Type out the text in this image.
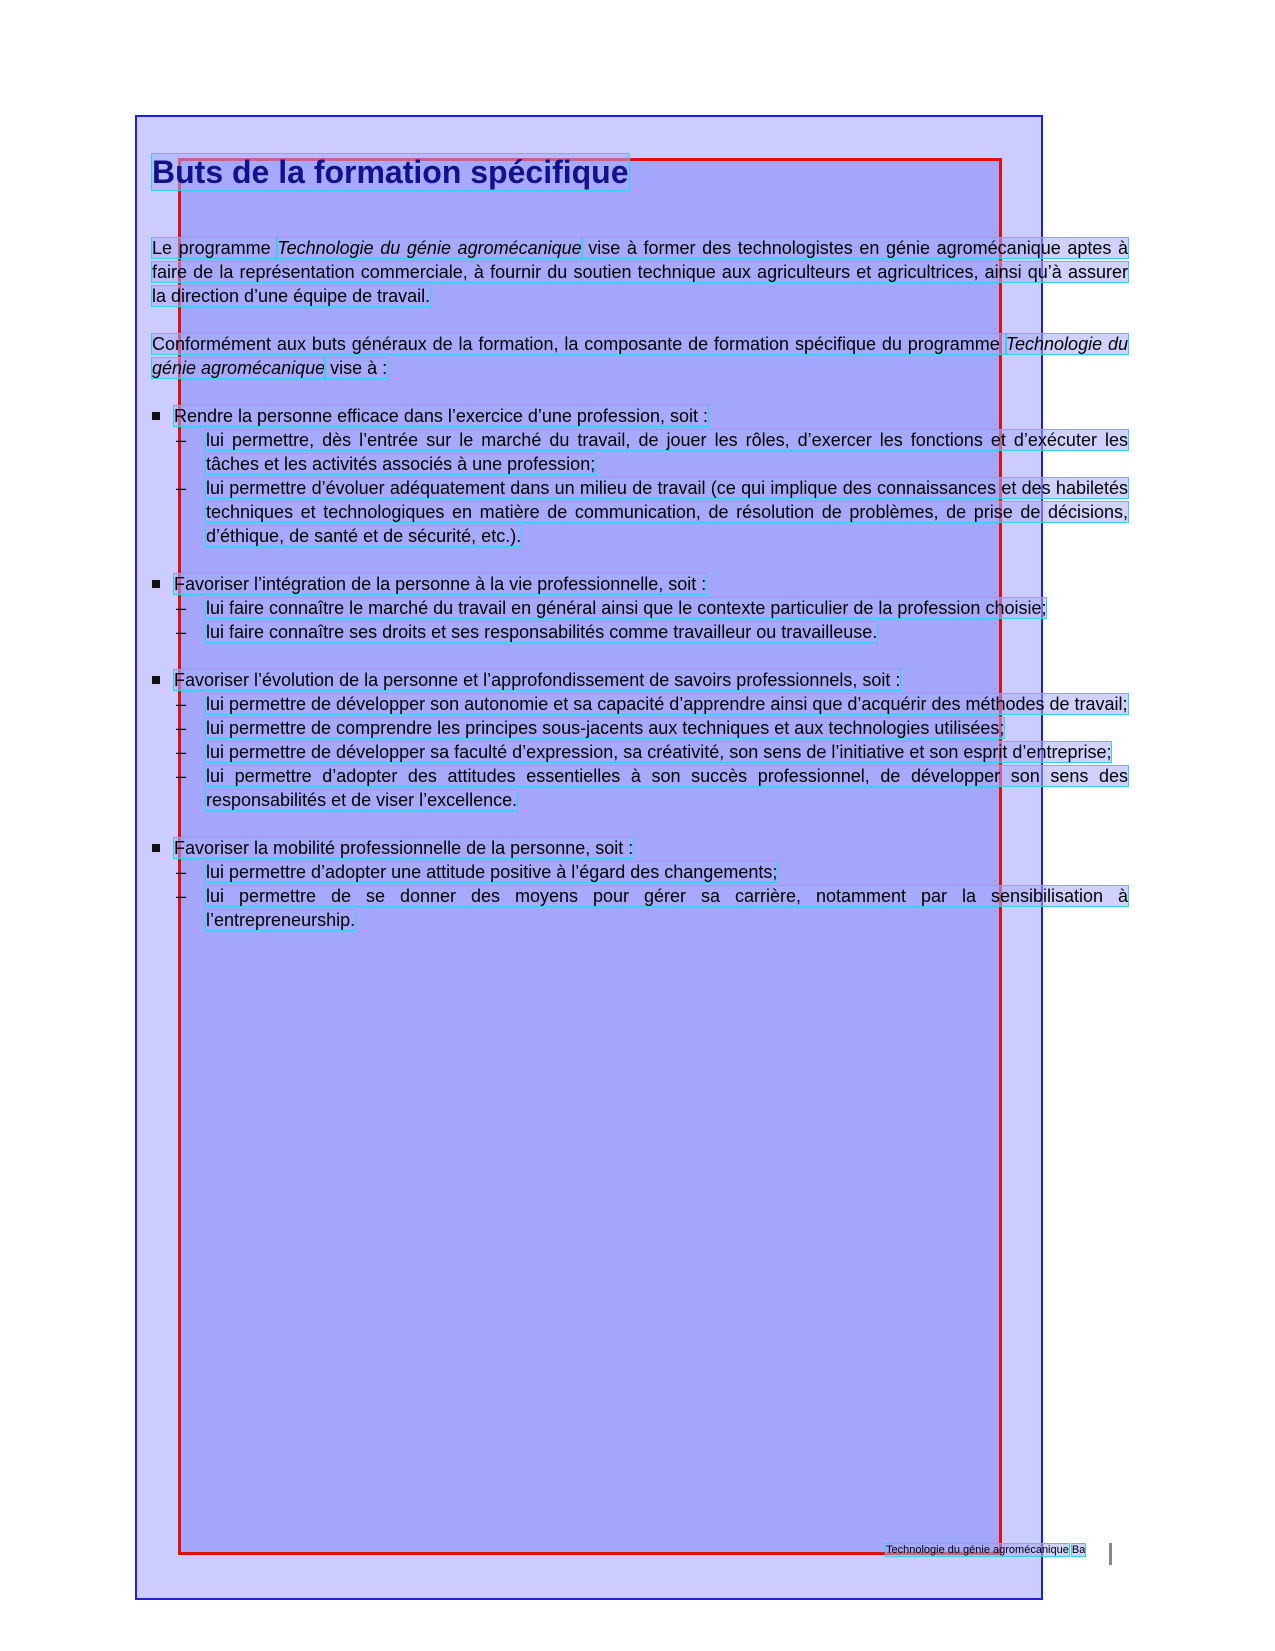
Buts de la formation spécifique

Le programme Technologie du génie agromécanique vise à former des technologistes en génie agromécanique aptes à faire de la représentation commerciale, à fournir du soutien technique aux agriculteurs et agricultrices, ainsi qu’à assurer la direction d’une équipe de travail.

Conformément aux buts généraux de la formation, la composante de formation spécifique du programme Technologie du génie agromécanique vise à :

Rendre la personne efficace dans l’exercice d’une profession, soit :
– lui permettre, dès l’entrée sur le marché du travail, de jouer les rôles, d’exercer les fonctions et d’exécuter les tâches et les activités associés à une profession;
– lui permettre d’évoluer adéquatement dans un milieu de travail (ce qui implique des connaissances et des habiletés techniques et technologiques en matière de communication, de résolution de problèmes, de prise de décisions, d’éthique, de santé et de sécurité, etc.).
Favoriser l’intégration de la personne à la vie professionnelle, soit :
– lui faire connaître le marché du travail en général ainsi que le contexte particulier de la profession choisie;
– lui faire connaître ses droits et ses responsabilités comme travailleur ou travailleuse.
Favoriser l’évolution de la personne et l’approfondissement de savoirs professionnels, soit :
– lui permettre de développer son autonomie et sa capacité d’apprendre ainsi que d’acquérir des méthodes de travail;
– lui permettre de comprendre les principes sous-jacents aux techniques et aux technologies utilisées;
– lui permettre de développer sa faculté d’expression, sa créativité, son sens de l’initiative et son esprit d’entreprise;
– lui permettre d’adopter des attitudes essentielles à son succès professionnel, de développer son sens des responsabilités et de viser l’excellence.
Favoriser la mobilité professionnelle de la personne, soit :
– lui permettre d’adopter une attitude positive à l’égard des changements;
– lui permettre de se donner des moyens pour gérer sa carrière, notamment par la sensibilisation à l’entrepreneurship.
Technologie du génie agromécanique Ba
